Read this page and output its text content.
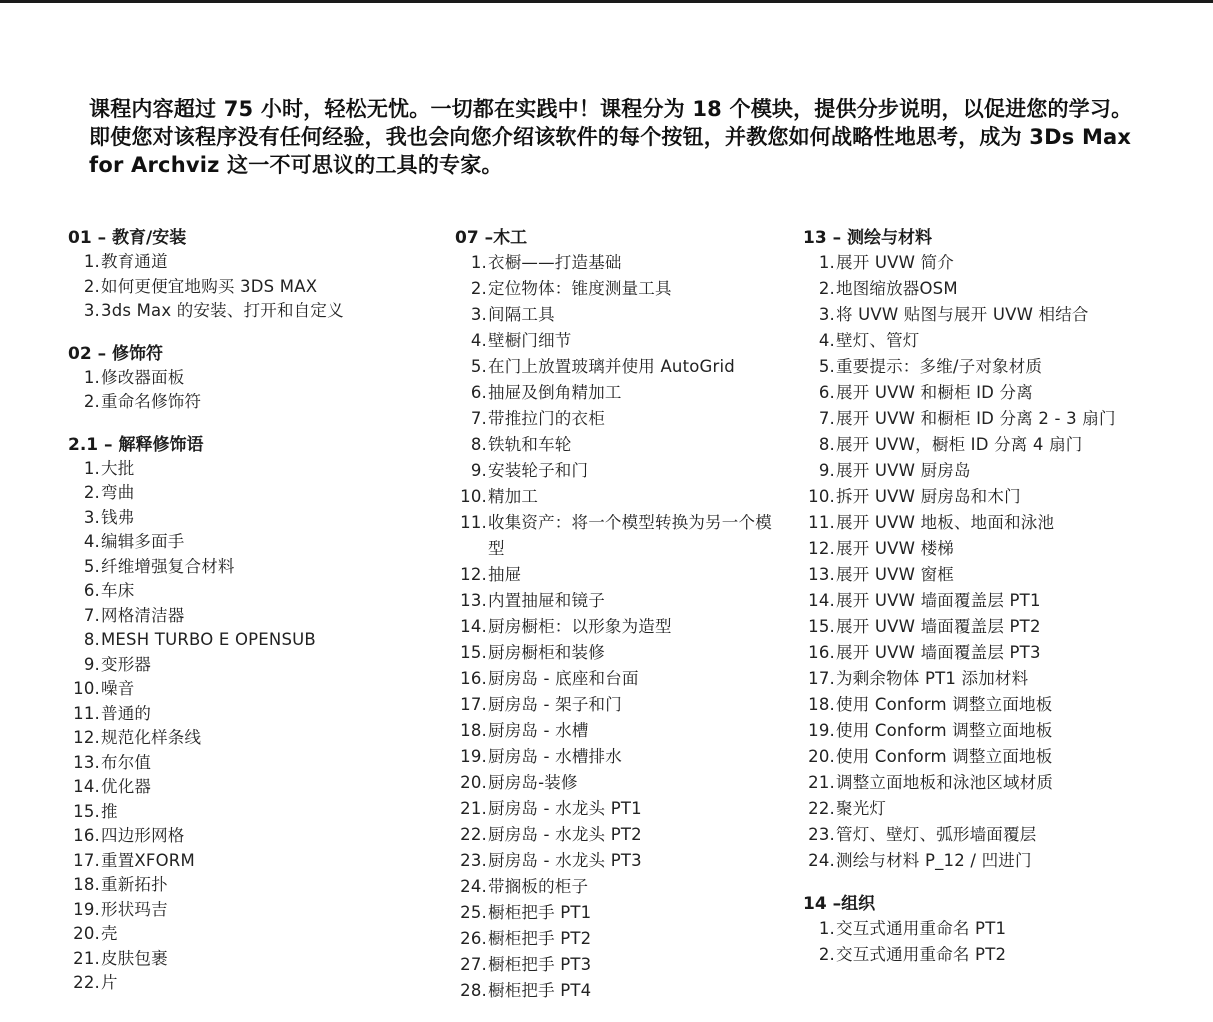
课程内容超过 75 小时，轻松无忧。一切都在实践中！课程分为 18 个模块，提供分步说明，以促进您的学习。即使您对该程序没有任何经验，我也会向您介绍该软件的每个按钮，并教您如何战略性地思考，成为 3Ds Max for Archviz 这一不可思议的工具的专家。

01 – 教育/安装
1. 教育通道
2. 如何更便宜地购买 3DS MAX
3. 3ds Max 的安装、打开和自定义
02 – 修饰符
1. 修改器面板
2. 重命名修饰符
2.1 – 解释修饰语
1. 大批
2. 弯曲
3. 钱弗
4. 编辑多面手
5. 纤维增强复合材料
6. 车床
7. 网格清洁器
8. MESH TURBO E OPENSUB
9. 变形器
10. 噪音
11. 普通的
12. 规范化样条线
13. 布尔值
14. 优化器
15. 推
16. 四边形网格
17. 重置XFORM
18. 重新拓扑
19. 形状玛吉
20. 壳
21. 皮肤包裹
22. 片
07 –木工
1. 衣橱——打造基础
2. 定位物体：锥度测量工具
3. 间隔工具
4. 壁橱门细节
5. 在门上放置玻璃并使用 AutoGrid
6. 抽屉及倒角精加工
7. 带推拉门的衣柜
8. 铁轨和车轮
9. 安装轮子和门
10. 精加工
11. 收集资产：将一个模型转换为另一个模型
12. 抽屉
13. 内置抽屉和镜子
14. 厨房橱柜：以形象为造型
15. 厨房橱柜和装修
16. 厨房岛 - 底座和台面
17. 厨房岛 - 架子和门
18. 厨房岛 - 水槽
19. 厨房岛 - 水槽排水
20. 厨房岛-装修
21. 厨房岛 - 水龙头 PT1
22. 厨房岛 - 水龙头 PT2
23. 厨房岛 - 水龙头 PT3
24. 带搁板的柜子
25. 橱柜把手 PT1
26. 橱柜把手 PT2
27. 橱柜把手 PT3
28. 橱柜把手 PT4
13 – 测绘与材料
1. 展开 UVW 简介
2. 地图缩放器OSM
3. 将 UVW 贴图与展开 UVW 相结合
4. 壁灯、管灯
5. 重要提示：多维/子对象材质
6. 展开 UVW 和橱柜 ID 分离
7. 展开 UVW 和橱柜 ID 分离 2 - 3 扇门
8. 展开 UVW，橱柜 ID 分离 4 扇门
9. 展开 UVW 厨房岛
10. 拆开 UVW 厨房岛和木门
11. 展开 UVW 地板、地面和泳池
12. 展开 UVW 楼梯
13. 展开 UVW 窗框
14. 展开 UVW 墙面覆盖层 PT1
15. 展开 UVW 墙面覆盖层 PT2
16. 展开 UVW 墙面覆盖层 PT3
17. 为剩余物体 PT1 添加材料
18. 使用 Conform 调整立面地板
19. 使用 Conform 调整立面地板
20. 使用 Conform 调整立面地板
21. 调整立面地板和泳池区域材质
22. 聚光灯
23. 管灯、壁灯、弧形墙面覆层
24. 测绘与材料 P_12 / 凹进门
14 –组织
1. 交互式通用重命名 PT1
2. 交互式通用重命名 PT2
